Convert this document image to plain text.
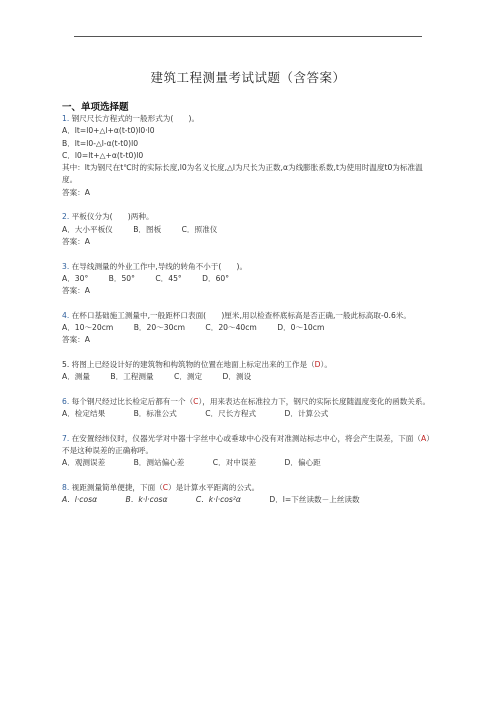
建筑工程测量考试试题（含答案）
一、单项选择题
1. 钢尺尺长方程式的一般形式为(　　)。
A．lt=l0+△l+α(t-t0)l0·l0
B．lt=l0-△l-α(t-t0)l0
C．l0=lt+△+α(t-t0)l0
其中：lt为钢尺在t℃时的实际长度,l0为名义长度,△l为尺长为正数,α为线膨胀系数,t为使用时温度t0为标准温度。
答案：A
2. 平板仪分为(　　)两种。
A．大小平板仪	B．图板	C．照准仪
答案：A
3. 在导线测量的外业工作中,导线的转角不小于(　　)。
A．30°	B．50°	C．45°	D．60°
答案：A
4. 在杯口基础施工测量中,一般距杯口表面(　　)厘米,用以检查杯底标高是否正确,一般此标高取-0.6米。
A．10～20cm	B．20～30cm	C．20～40cm	D．0～10cm
答案：A
5. 将图上已经设计好的建筑物和构筑物的位置在地面上标定出来的工作是（D）。
A．测量	B．工程测量	C．测定	D．测设
6. 每个钢尺经过比长检定后都有一个（C），用来表达在标准拉力下，钢尺的实际长度随温度变化的函数关系。
A．检定结果	B．标准公式	C．尺长方程式	D．计算公式
7. 在安置经纬仪时，仪器光学对中器十字丝中心或垂球中心没有对准测站标志中心，将会产生误差，下面（A）不是这种误差的正确称呼。
A．观测误差	B．测站偏心差	C．对中误差	D．偏心距
8. 视距测量简单便捷，下面（C）是计算水平距离的公式。
A．l·cosα	B．k·l·cosα	C．k·l·cos²α	D．l=下丝读数－上丝读数
